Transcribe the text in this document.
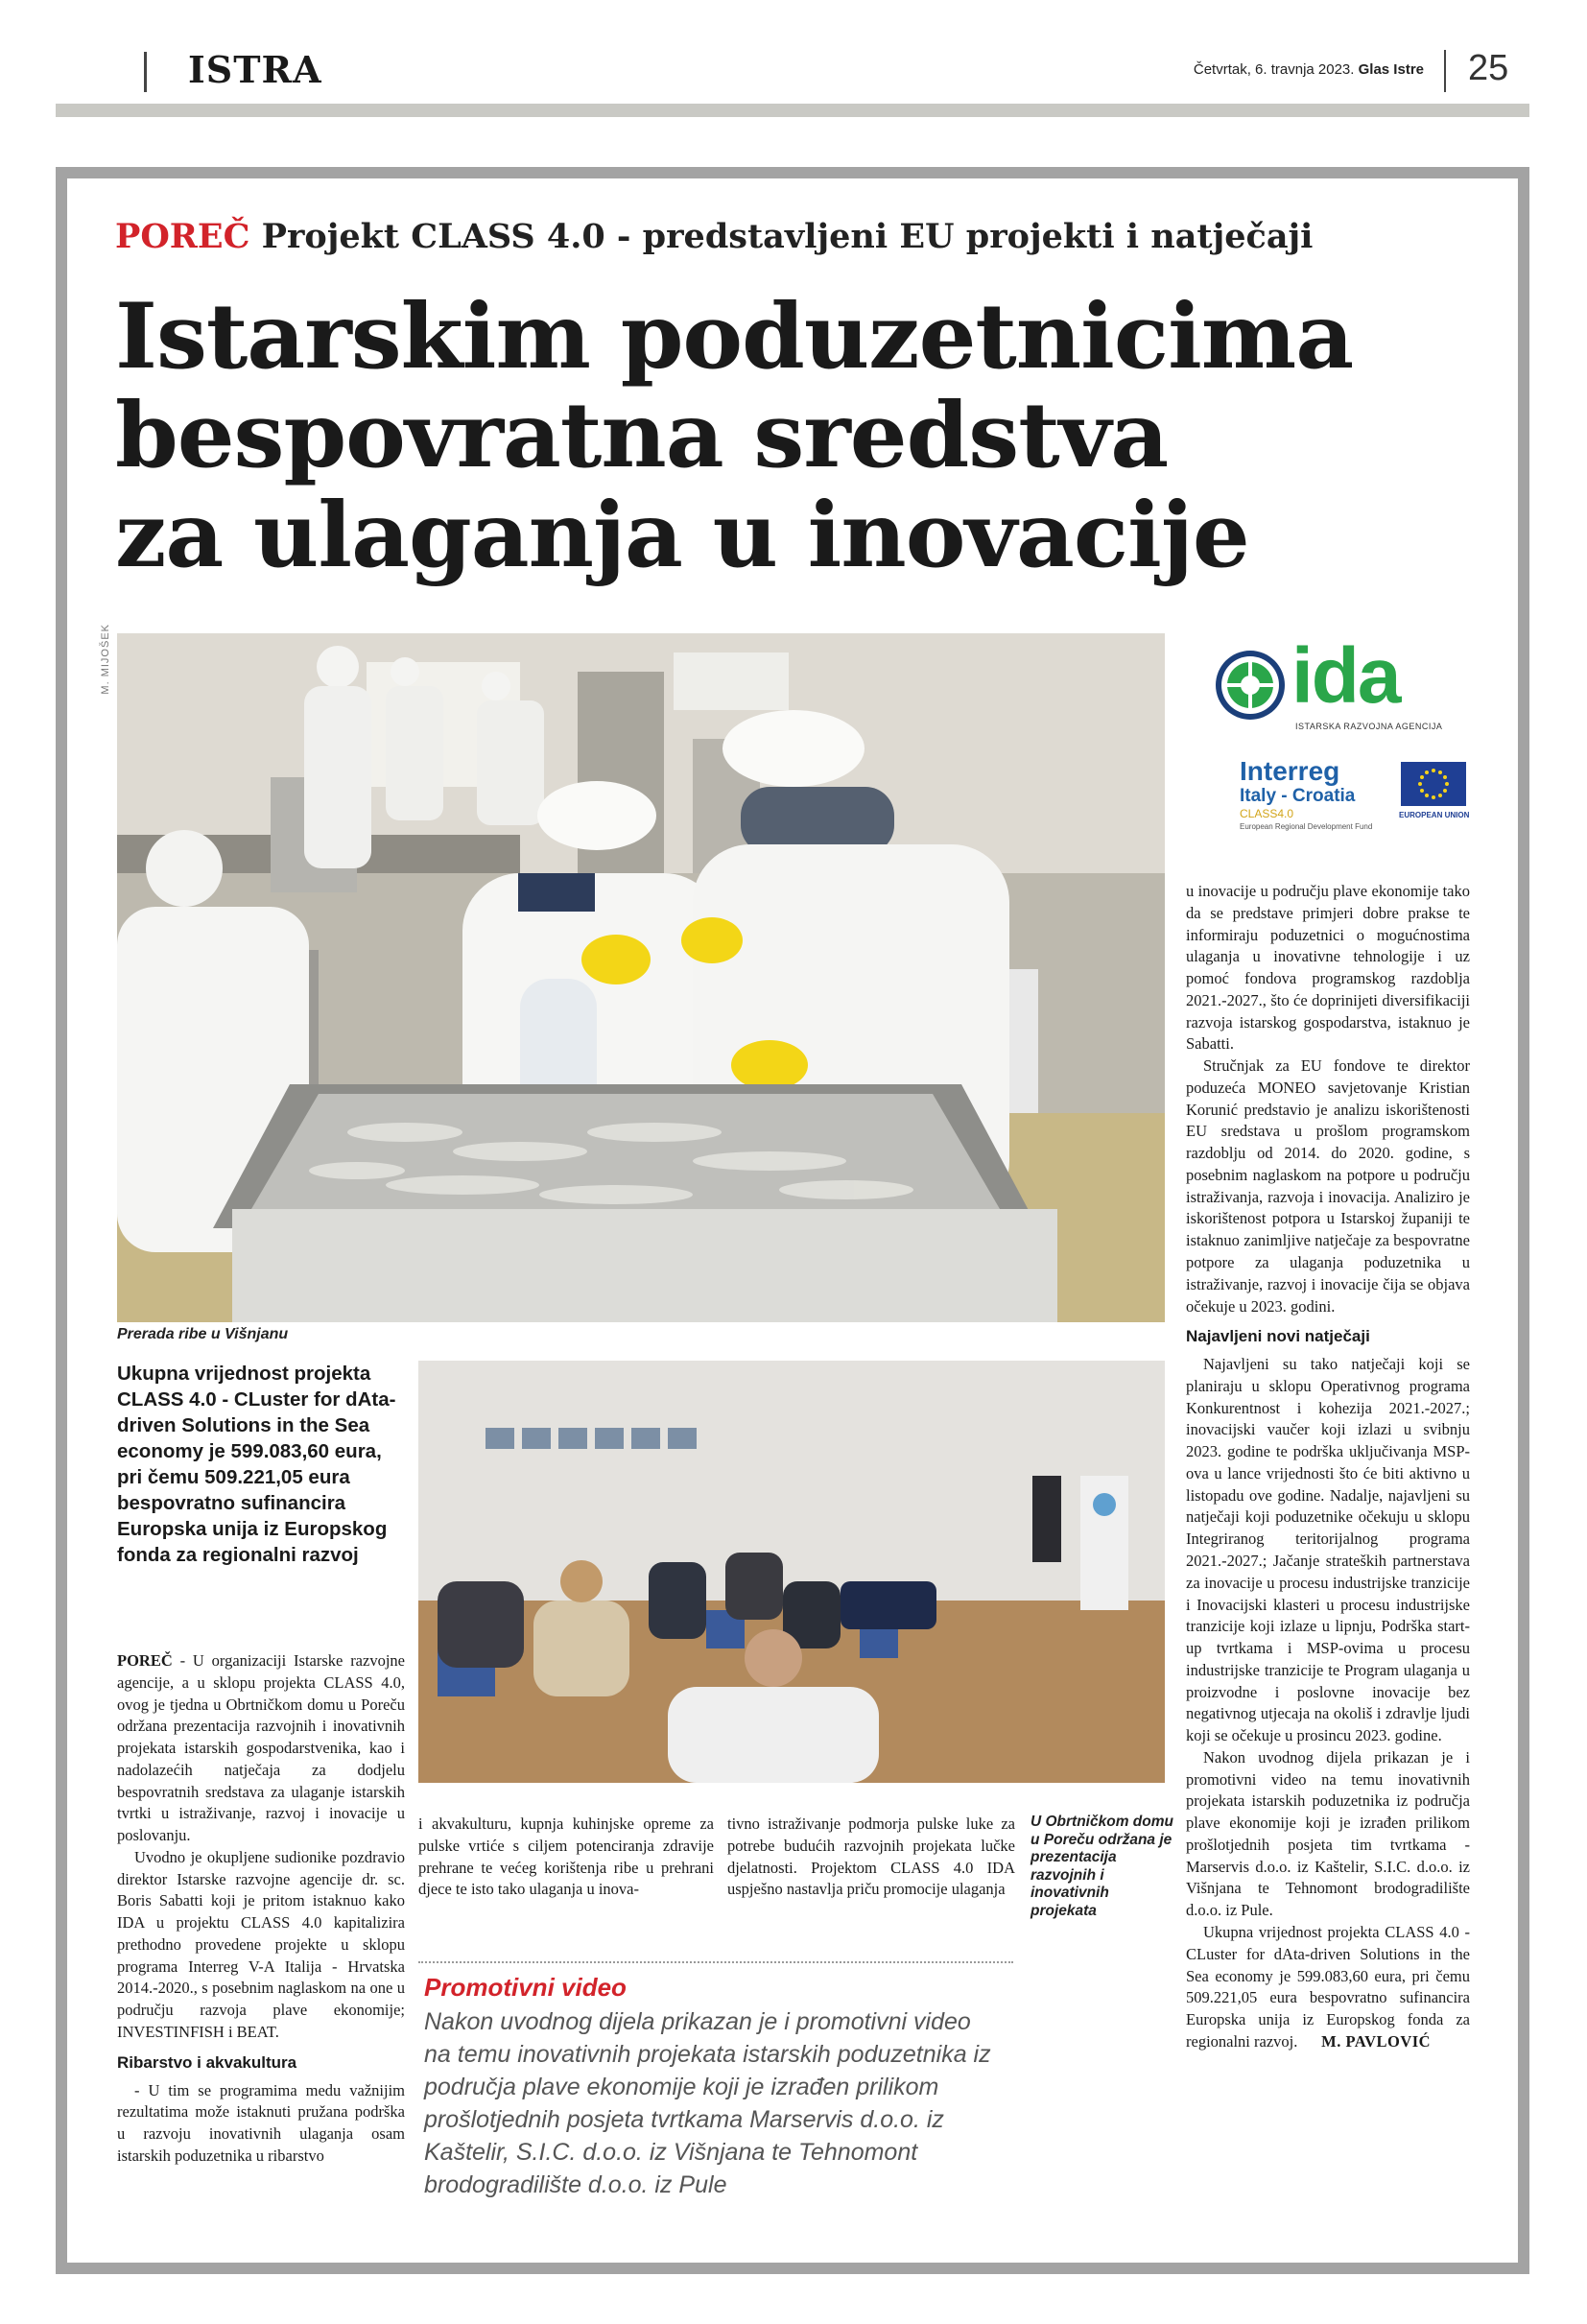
ISTRA	Četvrtak, 6. travnja 2023. Glas Istre 25
POREČ Projekt CLASS 4.0 - predstavljeni EU projekti i natječaji
Istarskim poduzetnicima
bespovratna sredstva
za ulaganja u inovacije
M. MIJOŠEK
Prerada ribe u Višnjanu
ida
ISTARSKA RAZVOJNA AGENCIJA
Interreg
Italy - Croatia
CLASS4.0
European Regional Development Fund
EUROPEAN UNION
Ukupna vrijednost projekta CLASS 4.0 - CLuster for dAta-driven Solutions in the Sea economy je 599.083,60 eura, pri čemu 509.221,05 eura bespovratno sufinancira Europska unija iz Europskog fonda za regionalni razvoj
U Obrtničkom domu u Poreču održana je prezentacija razvojnih i inovativnih projekata

POREČ - U organizaciji Istarske razvojne agencije, a u sklopu projekta CLASS 4.0, ovog je tjedna u Obrtničkom domu u Poreču održana prezentacija razvojnih i inovativnih projekata istarskih gospodarstvenika, kao i nadolazećih natječaja za dodjelu bespovratnih sredstava za ulaganje istarskih tvrtki u istraživanje, razvoj i inovacije u poslovanju.

Uvodno je okupljene sudionike pozdravio direktor Istarske razvojne agencije dr. sc. Boris Sabatti koji je pritom istaknuo kako IDA u projektu CLASS 4.0 kapitalizira prethodno provedene projekte u sklopu programa Interreg V-A Italija - Hrvatska 2014.-2020., s posebnim naglaskom na one u području razvoja plave ekonomije; INVESTINFISH i BEAT.

Ribarstvo i akvakultura

- U tim se programima medu važnijim rezultatima može istaknuti pružana podrška u razvoju inovativnih ulaganja osam istarskih poduzetnika u ribarstvo

i akvakulturu, kupnja kuhinjske opreme za pulske vrtiće s ciljem potenciranja zdravije prehrane te većeg korištenja ribe u prehrani djece te isto tako ulaganja u inova-

tivno istraživanje podmorja pulske luke za potrebe budućih razvojnih projekata lučke djelatnosti. Projektom CLASS 4.0 IDA uspješno nastavlja priču promocije ulaganja

Promotivni video
Nakon uvodnog dijela prikazan je i promotivni video na temu inovativnih projekata istarskih poduzetnika iz područja plave ekonomije koji je izrađen prilikom prošlotjednih posjeta tvrtkama Marservis d.o.o. iz Kaštelir, S.I.C. d.o.o. iz Višnjana te Tehnomont brodogradilište d.o.o. iz Pule

u inovacije u području plave ekonomije tako da se predstave primjeri dobre prakse te informiraju poduzetnici o mogućnostima ulaganja u inovativne tehnologije i uz pomoć fondova programskog razdoblja 2021.-2027., što će doprinijeti diversifikaciji razvoja istarskog gospodarstva, istaknuo je Sabatti.

Stručnjak za EU fondove te direktor poduzeća MONEO savjetovanje Kristian Korunić predstavio je analizu iskorištenosti EU sredstava u prošlom programskom razdoblju od 2014. do 2020. godine, s posebnim naglaskom na potpore u području istraživanja, razvoja i inovacija. Analiziro je iskorištenost potpora u Istarskoj županiji te istaknuo zanimljive natječaje za bespovratne potpore za ulaganja poduzetnika u istraživanje, razvoj i inovacije čija se objava očekuje u 2023. godini.

Najavljeni novi natječaji

Najavljeni su tako natječaji koji se planiraju u sklopu Operativnog programa Konkurentnost i kohezija 2021.-2027.; inovacijski vaučer koji izlazi u svibnju 2023. godine te podrška uključivanja MSP-ova u lance vrijednosti što će biti aktivno u listopadu ove godine. Nadalje, najavljeni su natječaji koji poduzetnike očekuju u sklopu Integriranog teritorijalnog programa 2021.-2027.; Jačanje strateških partnerstava za inovacije u procesu industrijske tranzicije i Inovacijski klasteri u procesu industrijske tranzicije koji izlaze u lipnju, Podrška start-up tvrtkama i MSP-ovima u procesu industrijske tranzicije te Program ulaganja u proizvodne i poslovne inovacije bez negativnog utjecaja na okoliš i zdravlje ljudi koji se očekuje u prosincu 2023. godine.

Nakon uvodnog dijela prikazan je i promotivni video na temu inovativnih projekata istarskih poduzetnika iz područja plave ekonomije koji je izrađen prilikom prošlotjednih posjeta tim tvrtkama - Marservis d.o.o. iz Kaštelir, S.I.C. d.o.o. iz Višnjana te Tehnomont brodogradilište d.o.o. iz Pule.

Ukupna vrijednost projekta CLASS 4.0 - CLuster for dAta-driven Solutions in the Sea economy je 599.083,60 eura, pri čemu 509.221,05 eura bespovratno sufinancira Europska unija iz Europskog fonda za regionalni razvoj. M. PAVLOVIĆ
